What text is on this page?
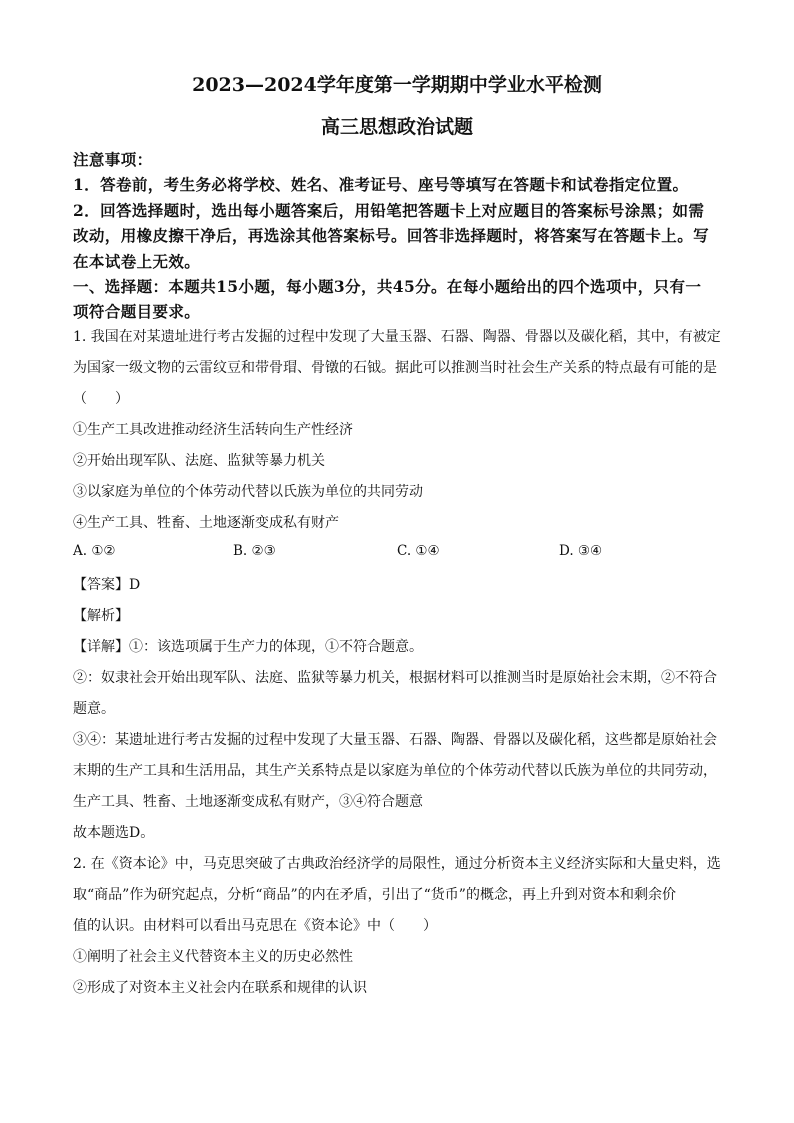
2023—2024学年度第一学期期中学业水平检测
高三思想政治试题
注意事项：
1．答卷前，考生务必将学校、姓名、准考证号、座号等填写在答题卡和试卷指定位置。
2．回答选择题时，选出每小题答案后，用铅笔把答题卡上对应题目的答案标号涂黑；如需
改动，用橡皮擦干净后，再选涂其他答案标号。回答非选择题时，将答案写在答题卡上。写
在本试卷上无效。
一、选择题：本题共15小题，每小题3分，共45分。在每小题给出的四个选项中，只有一
项符合题目要求。
1. 我国在对某遗址进行考古发掘的过程中发现了大量玉器、石器、陶器、骨器以及碳化稻，其中，有被定
为国家一级文物的云雷纹豆和带骨瑁、骨镦的石钺。据此可以推测当时社会生产关系的特点最有可能的是
（　　）
①生产工具改进推动经济生活转向生产性经济
②开始出现军队、法庭、监狱等暴力机关
③以家庭为单位的个体劳动代替以氏族为单位的共同劳动
④生产工具、牲畜、土地逐渐变成私有财产
A. ①②	B. ②③	C. ①④	D. ③④
【答案】D
【解析】
【详解】①：该选项属于生产力的体现，①不符合题意。
②：奴隶社会开始出现军队、法庭、监狱等暴力机关，根据材料可以推测当时是原始社会末期，②不符合
题意。
③④：某遗址进行考古发掘的过程中发现了大量玉器、石器、陶器、骨器以及碳化稻，这些都是原始社会
末期的生产工具和生活用品，其生产关系特点是以家庭为单位的个体劳动代替以氏族为单位的共同劳动，
生产工具、牲畜、土地逐渐变成私有财产，③④符合题意
故本题选D。
2. 在《资本论》中，马克思突破了古典政治经济学的局限性，通过分析资本主义经济实际和大量史料，选
取“商品”作为研究起点，分析“商品”的内在矛盾，引出了“货币”的概念，再上升到对资本和剩余价
值的认识。由材料可以看出马克思在《资本论》中（　　）
①阐明了社会主义代替资本主义的历史必然性
②形成了对资本主义社会内在联系和规律的认识
